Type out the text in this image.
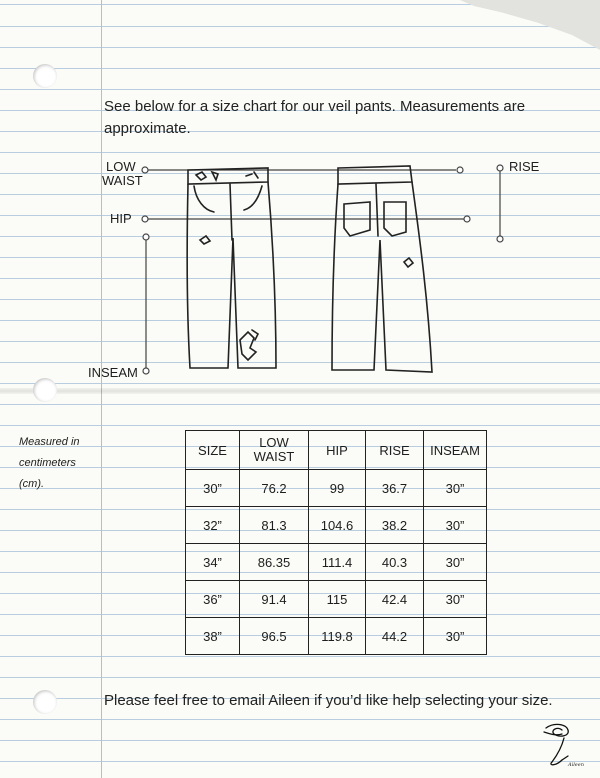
See below for a size chart for our veil pants. Measurements are approximate.

LOW
WAIST
HIP
INSEAM
RISE
Measured in
centimeters
(cm).
SIZE	LOW WAIST	HIP	RISE	INSEAM
30”	76.2	99	36.7	30”
32”	81.3	104.6	38.2	30”
34”	86.35	111.4	40.3	30”
36”	91.4	115	42.4	30”
38”	96.5	119.8	44.2	30”

Please feel free to email Aileen if you’d like help selecting your size.

Aileen
